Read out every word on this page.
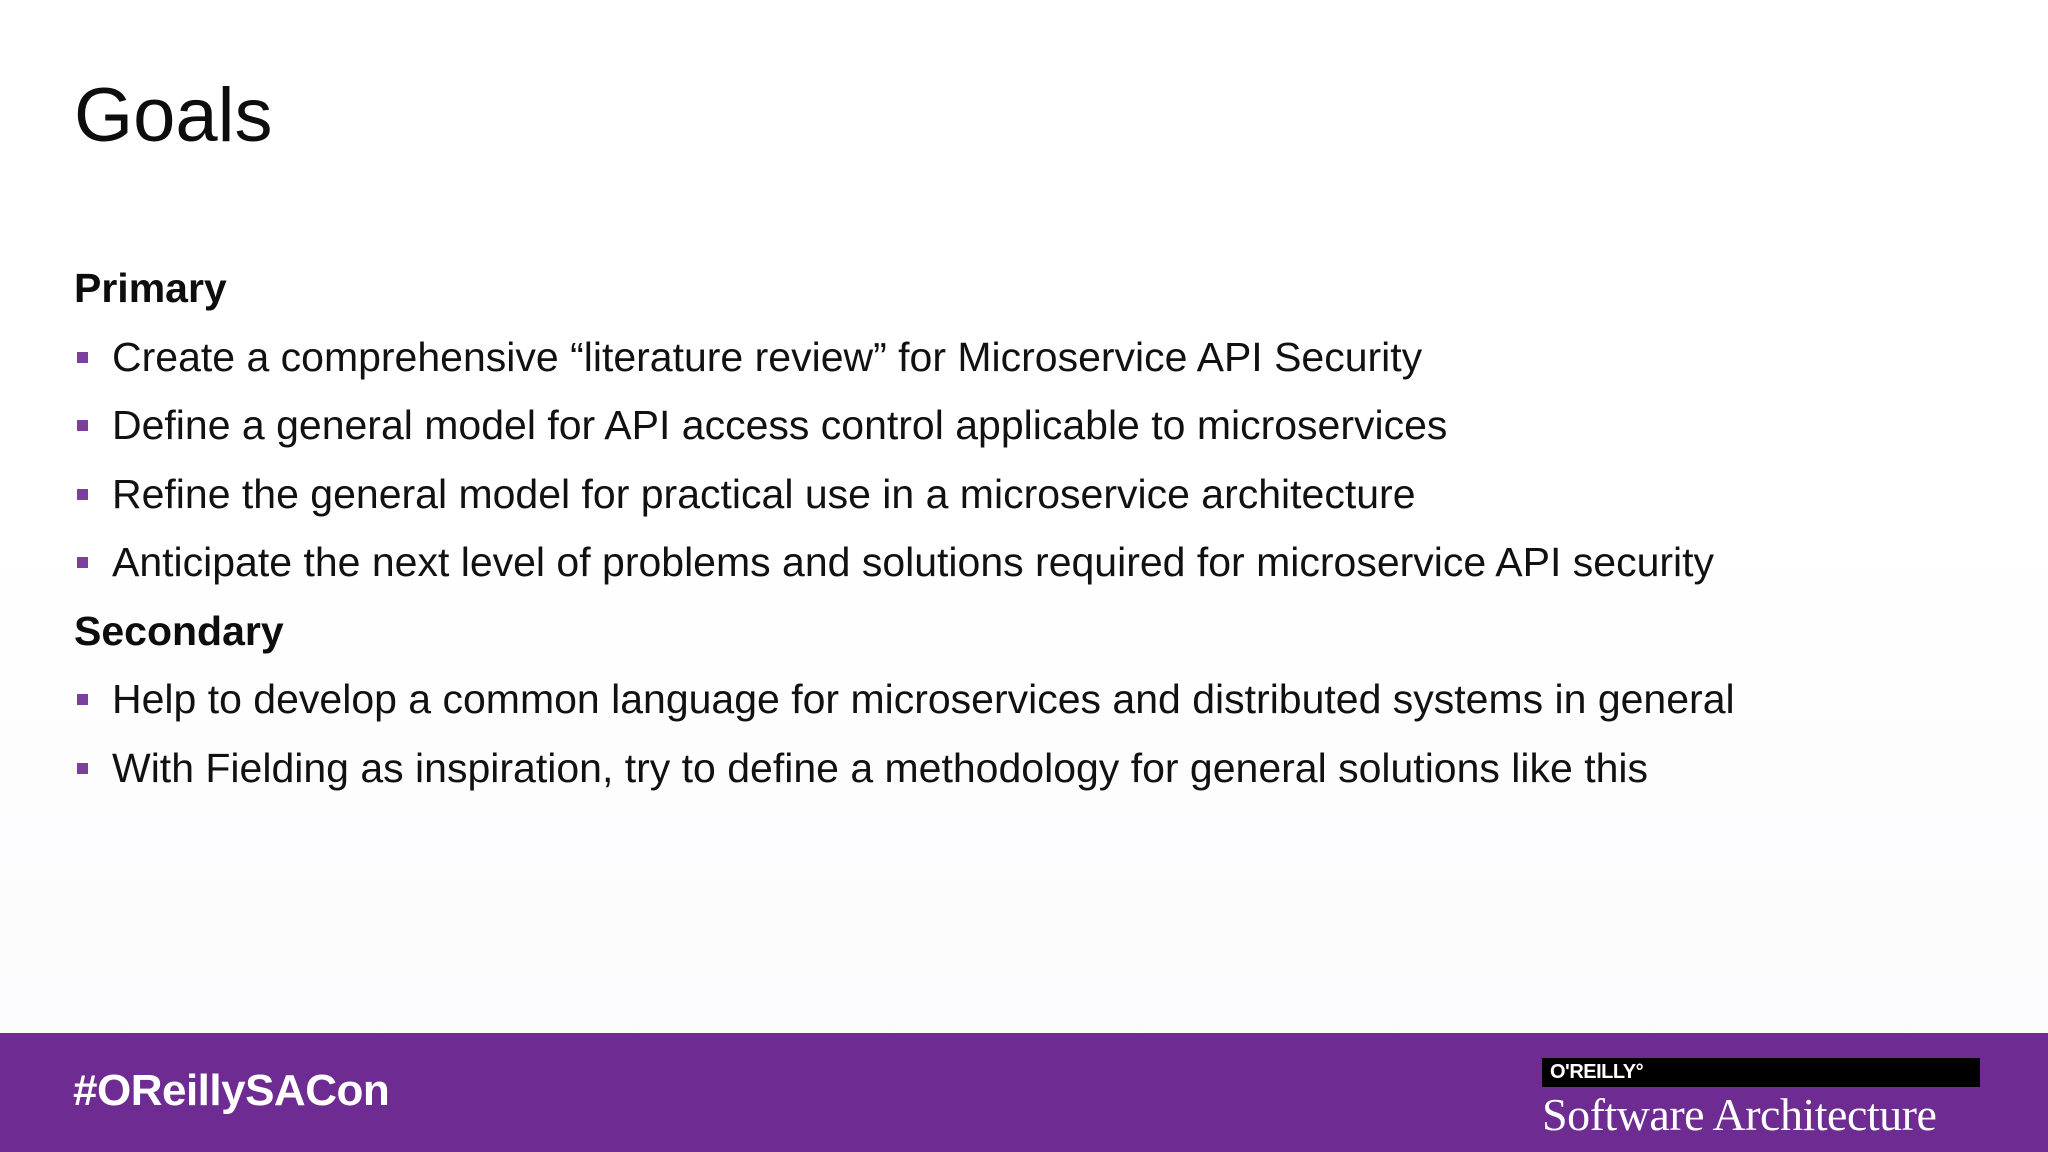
Goals
Primary
Create a comprehensive “literature review” for Microservice API Security
Define a general model for API access control applicable to microservices
Refine the general model for practical use in a microservice architecture
Anticipate the next level of problems and solutions required for microservice API security
Secondary
Help to develop a common language for microservices and distributed systems in general
With Fielding as inspiration, try to define a methodology for general solutions like this
#OReillySACon	O'REILLY°
Software Architecture
